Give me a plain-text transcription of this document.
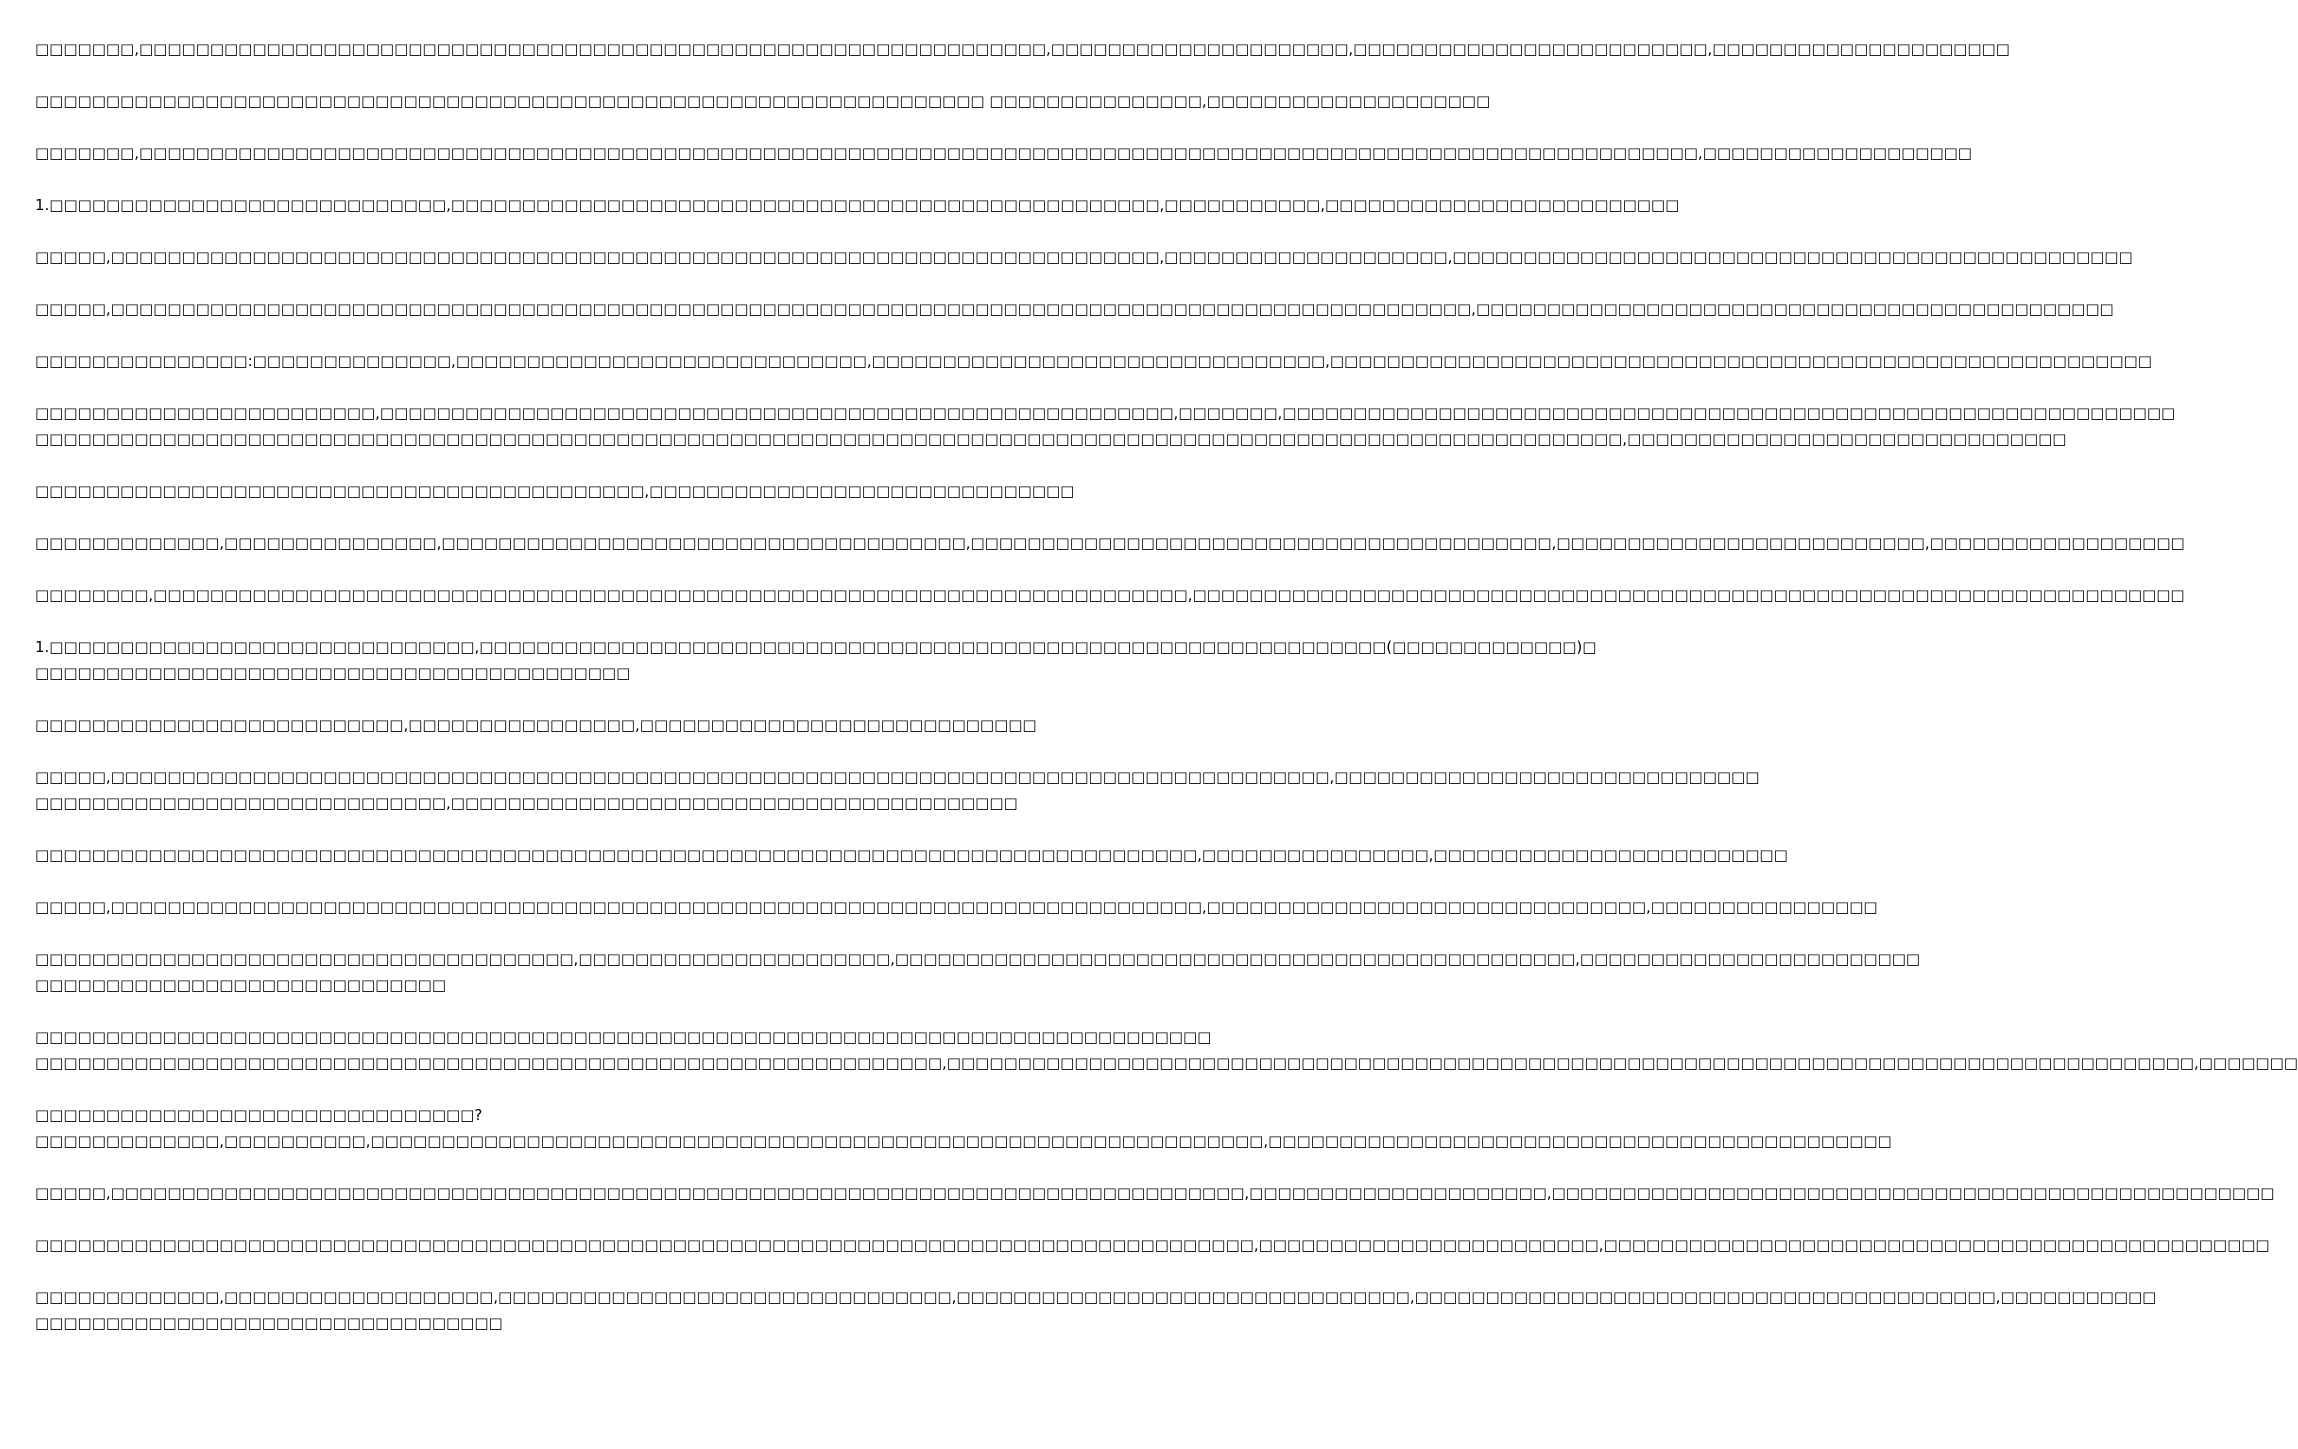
□□□□□□□,□□□□□□□□□□□□□□□□□□□□□□□□□□□□□□□□□□□□□□□□□□□□□□□□□□□□□□□□□□□□□□□□,□□□□□□□□□□□□□□□□□□□□□,□□□□□□□□□□□□□□□□□□□□□□□□□,□□□□□□□□□□□□□□□□□□□□□
□□□□□□□□□□□□□□□□□□□□□□□□□□□□□□□□□□□□□□□□□□□□□□□□□□□□□□□□□□□□□□□□□□□ □□□□□□□□□□□□□□□,□□□□□□□□□□□□□□□□□□□□
□□□□□□□,□□□□□□□□□□□□□□□□□□□□□□□□□□□□□□□□□□□□□□□□□□□□□□□□□□□□□□□□□□□□□□□□□□□□□□□□□□□□□□□□□□□□□□□□□□□□□□□□□□□□□□□□□□□□□□,□□□□□□□□□□□□□□□□□□□
1.□□□□□□□□□□□□□□□□□□□□□□□□□□□□,□□□□□□□□□□□□□□□□□□□□□□□□□□□□□□□□□□□□□□□□□□□□□□□□□□,□□□□□□□□□□□,□□□□□□□□□□□□□□□□□□□□□□□□□
□□□□□,□□□□□□□□□□□□□□□□□□□□□□□□□□□□□□□□□□□□□□□□□□□□□□□□□□□□□□□□□□□□□□□□□□□□□□□□□□,□□□□□□□□□□□□□□□□□□□□,□□□□□□□□□□□□□□□□□□□□□□□□□□□□□□□□□□□□□□□□□□□□□□□□
□□□□□,□□□□□□□□□□□□□□□□□□□□□□□□□□□□□□□□□□□□□□□□□□□□□□□□□□□□□□□□□□□□□□□□□□□□□□□□□□□□□□□□□□□□□□□□□□□□□□□□,□□□□□□□□□□□□□□□□□□□□□□□□□□□□□□□□□□□□□□□□□□□□□
□□□□□□□□□□□□□□□:□□□□□□□□□□□□□□,□□□□□□□□□□□□□□□□□□□□□□□□□□□□□,□□□□□□□□□□□□□□□□□□□□□□□□□□□□□□□□,□□□□□□□□□□□□□□□□□□□□□□□□□□□□□□□□□□□□□□□□□□□□□□□□□□□□□□□□□□
□□□□□□□□□□□□□□□□□□□□□□□□,□□□□□□□□□□□□□□□□□□□□□□□□□□□□□□□□□□□□□□□□□□□□□□□□□□□□□□□□,□□□□□□□,□□□□□□□□□□□□□□□□□□□□□□□□□□□□□□□□□□□□□□□□□□□□□□□□□□□□□□□□□□□□□□□
□□□□□□□□□□□□□□□□□□□□□□□□□□□□□□□□□□□□□□□□□□□□□□□□□□□□□□□□□□□□□□□□□□□□□□□□□□□□□□□□□□□□□□□□□□□□□□□□□□□□□□□□□□□□□□□□,□□□□□□□□□□□□□□□□□□□□□□□□□□□□□□□
□□□□□□□□□□□□□□□□□□□□□□□□□□□□□□□□□□□□□□□□□□□,□□□□□□□□□□□□□□□□□□□□□□□□□□□□□□
□□□□□□□□□□□□□,□□□□□□□□□□□□□□□,□□□□□□□□□□□□□□□□□□□□□□□□□□□□□□□□□□□□□,□□□□□□□□□□□□□□□□□□□□□□□□□□□□□□□□□□□□□□□□□,□□□□□□□□□□□□□□□□□□□□□□□□□□,□□□□□□□□□□□□□□□□□□
□□□□□□□□,□□□□□□□□□□□□□□□□□□□□□□□□□□□□□□□□□□□□□□□□□□□□□□□□□□□□□□□□□□□□□□□□□□□□□□□□□,□□□□□□□□□□□□□□□□□□□□□□□□□□□□□□□□□□□□□□□□□□□□□□□□□□□□□□□□□□□□□□□□□□□□□□
1.□□□□□□□□□□□□□□□□□□□□□□□□□□□□□□,□□□□□□□□□□□□□□□□□□□□□□□□□□□□□□□□□□□□□□□□□□□□□□□□□□□□□□□□□□□□□□□□(□□□□□□□□□□□□□)□
□□□□□□□□□□□□□□□□□□□□□□□□□□□□□□□□□□□□□□□□□□
□□□□□□□□□□□□□□□□□□□□□□□□□□,□□□□□□□□□□□□□□□□,□□□□□□□□□□□□□□□□□□□□□□□□□□□□
□□□□□,□□□□□□□□□□□□□□□□□□□□□□□□□□□□□□□□□□□□□□□□□□□□□□□□□□□□□□□□□□□□□□□□□□□□□□□□□□□□□□□□□□□□□□,□□□□□□□□□□□□□□□□□□□□□□□□□□□□□□
□□□□□□□□□□□□□□□□□□□□□□□□□□□□□,□□□□□□□□□□□□□□□□□□□□□□□□□□□□□□□□□□□□□□□□
□□□□□□□□□□□□□□□□□□□□□□□□□□□□□□□□□□□□□□□□□□□□□□□□□□□□□□□□□□□□□□□□□□□□□□□□□□□□□□□□□□,□□□□□□□□□□□□□□□□,□□□□□□□□□□□□□□□□□□□□□□□□□
□□□□□,□□□□□□□□□□□□□□□□□□□□□□□□□□□□□□□□□□□□□□□□□□□□□□□□□□□□□□□□□□□□□□□□□□□□□□□□□□□□□,□□□□□□□□□□□□□□□□□□□□□□□□□□□□□□□,□□□□□□□□□□□□□□□□
□□□□□□□□□□□□□□□□□□□□□□□□□□□□□□□□□□□□□□,□□□□□□□□□□□□□□□□□□□□□□,□□□□□□□□□□□□□□□□□□□□□□□□□□□□□□□□□□□□□□□□□□□□□□□□,□□□□□□□□□□□□□□□□□□□□□□□□
□□□□□□□□□□□□□□□□□□□□□□□□□□□□□
□□□□□□□□□□□□□□□□□□□□□□□□□□□□□□□□□□□□□□□□□□□□□□□□□□□□□□□□□□□□□□□□□□□□□□□□□□□□□□□□□□□
□□□□□□□□□□□□□□□□□□□□□□□□□□□□□□□□□□□□□□□□□□□□□□□□□□□□□□□□□□□□□□□□,□□□□□□□□□□□□□□□□□□□□□□□□□□□□□□□□□□□□□□□□□□□□□□□□□□□□□□□□□□□□□□□□□□□□□□□□□□□□□□□□□□□□□□□□,□□□□□□□
□□□□□□□□□□□□□□□□□□□□□□□□□□□□□□□?
□□□□□□□□□□□□□,□□□□□□□□□□,□□□□□□□□□□□□□□□□□□□□□□□□□□□□□□□□□□□□□□□□□□□□□□□□□□□□□□□□□□□□□□□,□□□□□□□□□□□□□□□□□□□□□□□□□□□□□□□□□□□□□□□□□□□□
□□□□□,□□□□□□□□□□□□□□□□□□□□□□□□□□□□□□□□□□□□□□□□□□□□□□□□□□□□□□□□□□□□□□□□□□□□□□□□□□□□□□□□,□□□□□□□□□□□□□□□□□□□□□,□□□□□□□□□□□□□□□□□□□□□□□□□□□□□□□□□□□□□□□□□□□□□□□□□□□
□□□□□□□□□□□□□□□□□□□□□□□□□□□□□□□□□□□□□□□□□□□□□□□□□□□□□□□□□□□□□□□□□□□□□□□□□□□□□□□□□□□□□□,□□□□□□□□□□□□□□□□□□□□□□□□,□□□□□□□□□□□□□□□□□□□□□□□□□□□□□□□□□□□□□□□□□□□□□□□
□□□□□□□□□□□□□,□□□□□□□□□□□□□□□□□□□,□□□□□□□□□□□□□□□□□□□□□□□□□□□□□□□□,□□□□□□□□□□□□□□□□□□□□□□□□□□□□□□□□,□□□□□□□□□□□□□□□□□□□□□□□□□□□□□□□□□□□□□□□□□,□□□□□□□□□□□
□□□□□□□□□□□□□□□□□□□□□□□□□□□□□□□□□
